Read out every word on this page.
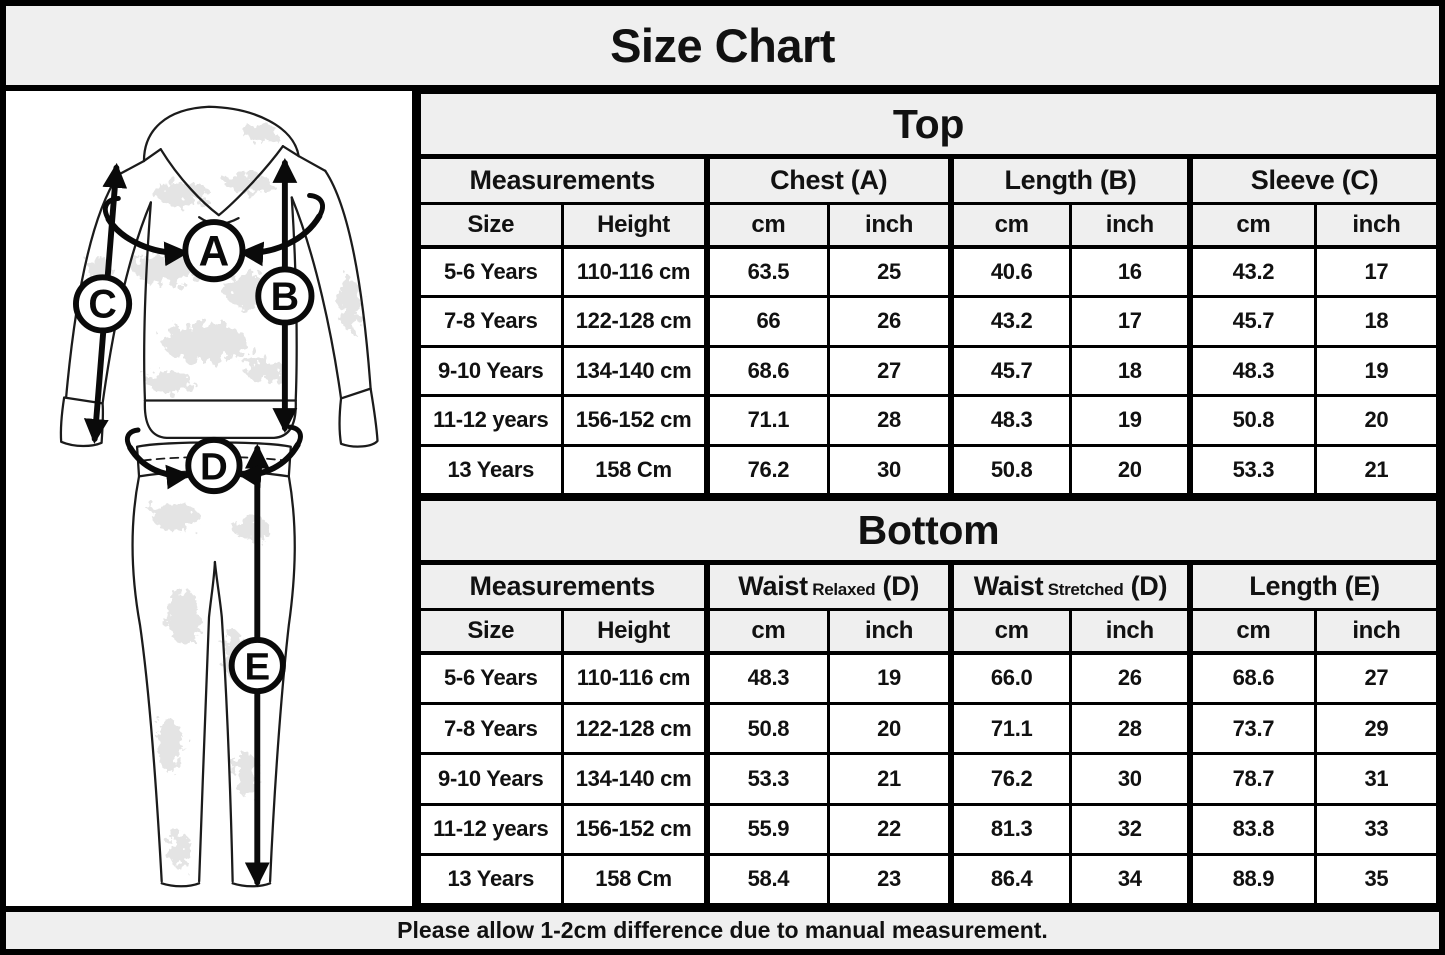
Size Chart
A
B
C
D
E
Top							
Measurements		Chest (A)		Length (B)		Sleeve (C)	
Size	Height	cm	inch	cm	inch	cm	inch
5-6 Years	110-116 cm	63.5	25	40.6	16	43.2	17
7-8 Years	122-128 cm	66	26	43.2	17	45.7	18
9-10 Years	134-140 cm	68.6	27	45.7	18	48.3	19
11-12 years	156-152 cm	71.1	28	48.3	19	50.8	20
13 Years	158 Cm	76.2	30	50.8	20	53.3	21
Bottom							
Measurements		Waist Relaxed (D)		Waist Stretched (D)		Length (E)	
Size	Height	cm	inch	cm	inch	cm	inch
5-6 Years	110-116 cm	48.3	19	66.0	26	68.6	27
7-8 Years	122-128 cm	50.8	20	71.1	28	73.7	29
9-10 Years	134-140 cm	53.3	21	76.2	30	78.7	31
11-12 years	156-152 cm	55.9	22	81.3	32	83.8	33
13 Years	158 Cm	58.4	23	86.4	34	88.9	35
Please allow 1-2cm difference due to manual measurement.
